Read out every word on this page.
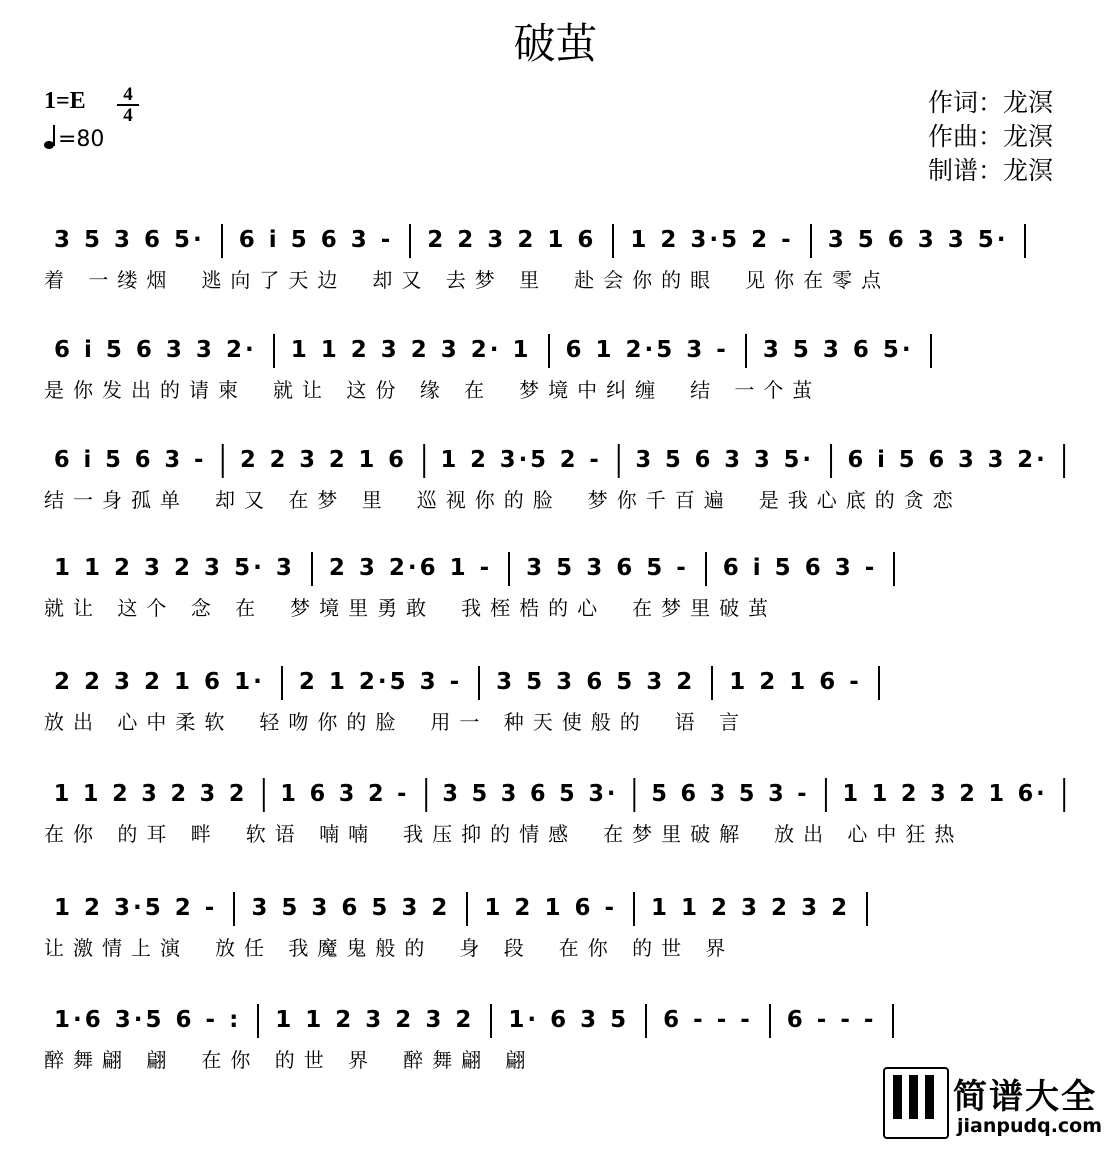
破茧
1=E	4
4
=80
作词：龙溟
作曲：龙溟
制谱：龙溟
3 5 3 6 5· 6 i 5 6 3 - 2 2 3 2 1 6 1 2 3·5 2 - 3 5 6 3 3 5·
着 一缕烟 逃向了天边 却又 去梦 里 赴会你的眼 见你在零点
6 i 5 6 3 3 2· 1 1 2 3 2 3 2· 1 6 1 2·5 3 - 3 5 3 6 5·
是你发出的请柬 就让 这份 缘 在 梦境中纠缠 结 一个茧
6 i 5 6 3 - 2 2 3 2 1 6 1 2 3·5 2 - 3 5 6 3 3 5· 6 i 5 6 3 3 2·
结一身孤单 却又 在梦 里 巡视你的脸 梦你千百遍 是我心底的贪恋
1 1 2 3 2 3 5· 3 2 3 2·6 1 - 3 5 3 6 5 - 6 i 5 6 3 -
就让 这个 念 在 梦境里勇敢 我桎梏的心 在梦里破茧
2 2 3 2 1 6 1· 2 1 2·5 3 - 3 5 3 6 5 3 2 1 2 1 6 -
放出 心中柔软 轻吻你的脸 用一 种天使般的 语 言
1 1 2 3 2 3 2 1 6 3 2 - 3 5 3 6 5 3· 5 6 3 5 3 - 1 1 2 3 2 1 6·
在你 的耳 畔 软语 喃喃 我压抑的情感 在梦里破解 放出 心中狂热
1 2 3·5 2 - 3 5 3 6 5 3 2 1 2 1 6 - 1 1 2 3 2 3 2
让激情上演 放任 我魔鬼般的 身 段 在你 的世 界
1·6 3·5 6 - : 1 1 2 3 2 3 2 1· 6 3 5 6 - - - 6 - - -
醉舞翩 翩 在你 的世 界 醉舞翩 翩
简谱大全
jianpudq.com
